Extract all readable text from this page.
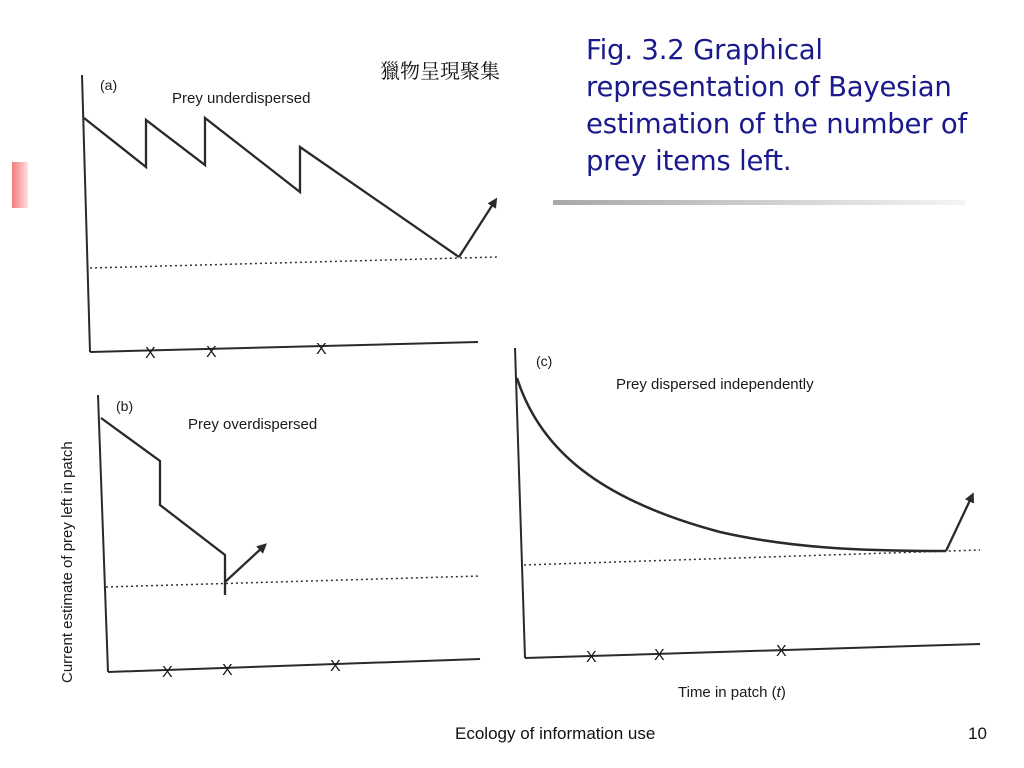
獵物呈現聚集
Fig. 3.2 Graphical representation of Bayesian estimation of the number of prey items left.
(a)
Prey underdispersed
X	X	X
(b)
Prey overdispersed
X	X	X
(c)
Prey dispersed independently
X	X	X
Time in patch (t)
Current estimate of prey left in patch
Ecology of information use	10
